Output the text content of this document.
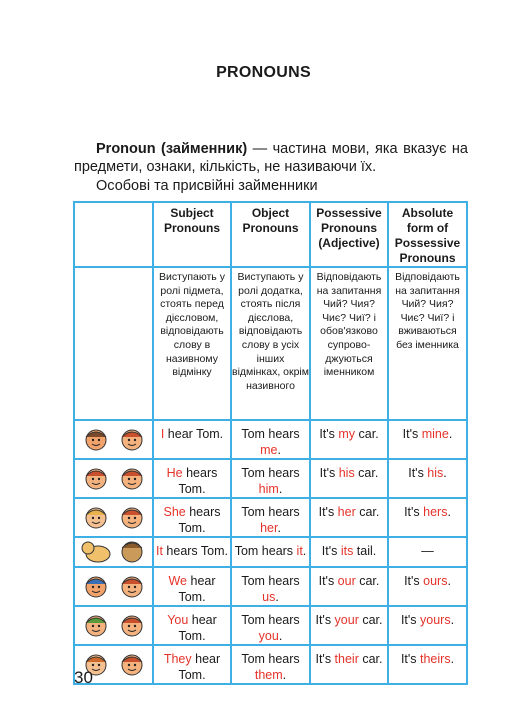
PRONOUNS
Pronoun (займенник) — частина мови, яка вказує на предмети, ознаки, кількість, не називаючи їх.
Особові та присвійні займенники
	Subject Pronouns	Object Pronouns	Possessive Pronouns (Adjective)	Absolute form of Possessive Pronouns
	Виступають у ролі підмета, стоять перед дієсловом, відповідають слову в називному відмінку	Виступають у ролі додатка, стоять після дієслова, відповідають слову в усіх інших відмінках, окрім називного	Відповідають на запитання Чий? Чия? Чиє? Чиї? і обов'язково супрово-джуються іменником	Відповідають на запитання Чий? Чия? Чиє? Чиї? і вживаються без іменника

	I hear Tom.	Tom hears me.	It's my car.	It's mine.

	He hears Tom.	Tom hears him.	It's his car.	It's his.

	She hears Tom.	Tom hears her.	It's her car.	It's hers.

	It hears Tom.	Tom hears it.	It's its tail.	—

	We hear Tom.	Tom hears us.	It's our car.	It's ours.

	You hear Tom.	Tom hears you.	It's your car.	It's yours.

	They hear Tom.	Tom hears them.	It's their car.	It's theirs.
30
